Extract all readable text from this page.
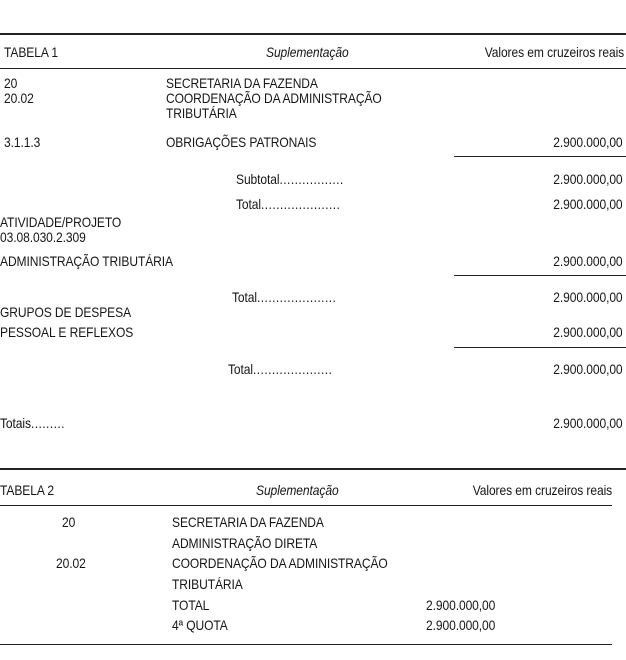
TABELA 1	Suplementação	Valores em cruzeiros reais
20	SECRETARIA DA FAZENDA
20.02	COORDENAÇÃO DA ADMINISTRAÇÃO
TRIBUTÁRIA
3.1.1.3	OBRIGAÇÕES PATRONAIS	2.900.000,00
Subtotal.................	2.900.000,00
Total.....................	2.900.000,00
ATIVIDADE/PROJETO
03.08.030.2.309
ADMINISTRAÇÃO TRIBUTÁRIA	2.900.000,00
Total.....................	2.900.000,00
GRUPOS DE DESPESA
PESSOAL E REFLEXOS	2.900.000,00
Total.....................	2.900.000,00
Totais.........	2.900.000,00
TABELA 2	Suplementação	Valores em cruzeiros reais
20	SECRETARIA DA FAZENDA
ADMINISTRAÇÃO DIRETA
20.02	COORDENAÇÃO DA ADMINISTRAÇÃO
TRIBUTÁRIA
TOTAL	2.900.000,00
4ª QUOTA	2.900.000,00
